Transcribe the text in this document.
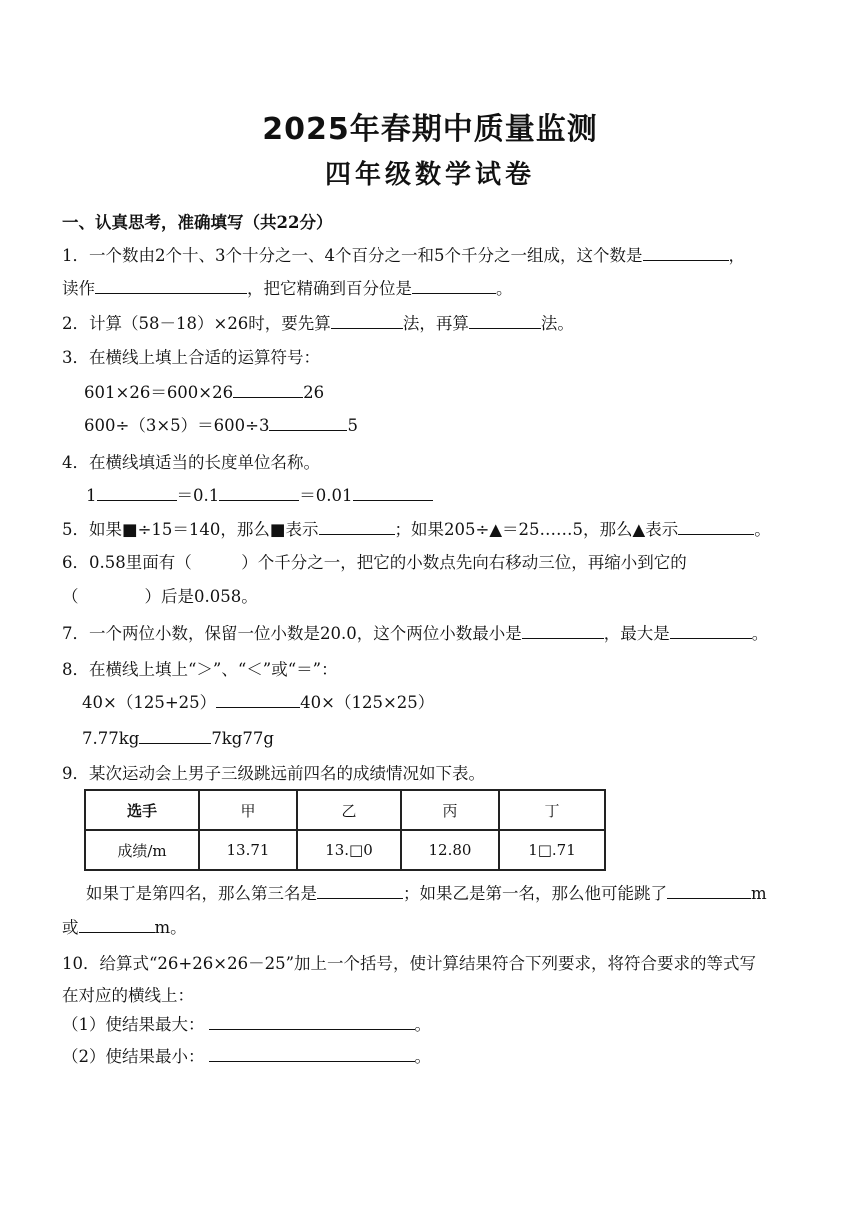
2025年春期中质量监测
四年级数学试卷
一、认真思考，准确填写（共22分）
1．一个数由2个十、3个十分之一、4个百分之一和5个千分之一组成，这个数是	，
读作	，把它精确到百分位是	。
2．计算（58－18）×26时，要先算	法，再算	法。
3．在横线上填上合适的运算符号：
601×26＝600×26	26
600÷（3×5）＝600÷3	5
4．在横线填适当的长度单位名称。
1	＝0.1	＝0.01
5．如果■÷15＝140，那么■表示	；如果205÷▲＝25……5，那么▲表示	。
6．0.58里面有（　　　）个千分之一，把它的小数点先向右移动三位，再缩小到它的
（　　　　）后是0.058。
7．一个两位小数，保留一位小数是20.0，这个两位小数最小是	，最大是	。
8．在横线上填上“＞”、“＜”或“＝”：
40×（125+25）	40×（125×25）
7.77kg	7kg77g
9．某次运动会上男子三级跳远前四名的成绩情况如下表。
选手	甲	乙	丙	丁
成绩/m	13.71	13.□0	12.80	1□.71
如果丁是第四名，那么第三名是	；如果乙是第一名，那么他可能跳了	m
或	m。
10．给算式“26+26×26－25”加上一个括号，使计算结果符合下列要求，将符合要求的等式写
在对应的横线上：
（1）使结果最大：	。
（2）使结果最小：	。
